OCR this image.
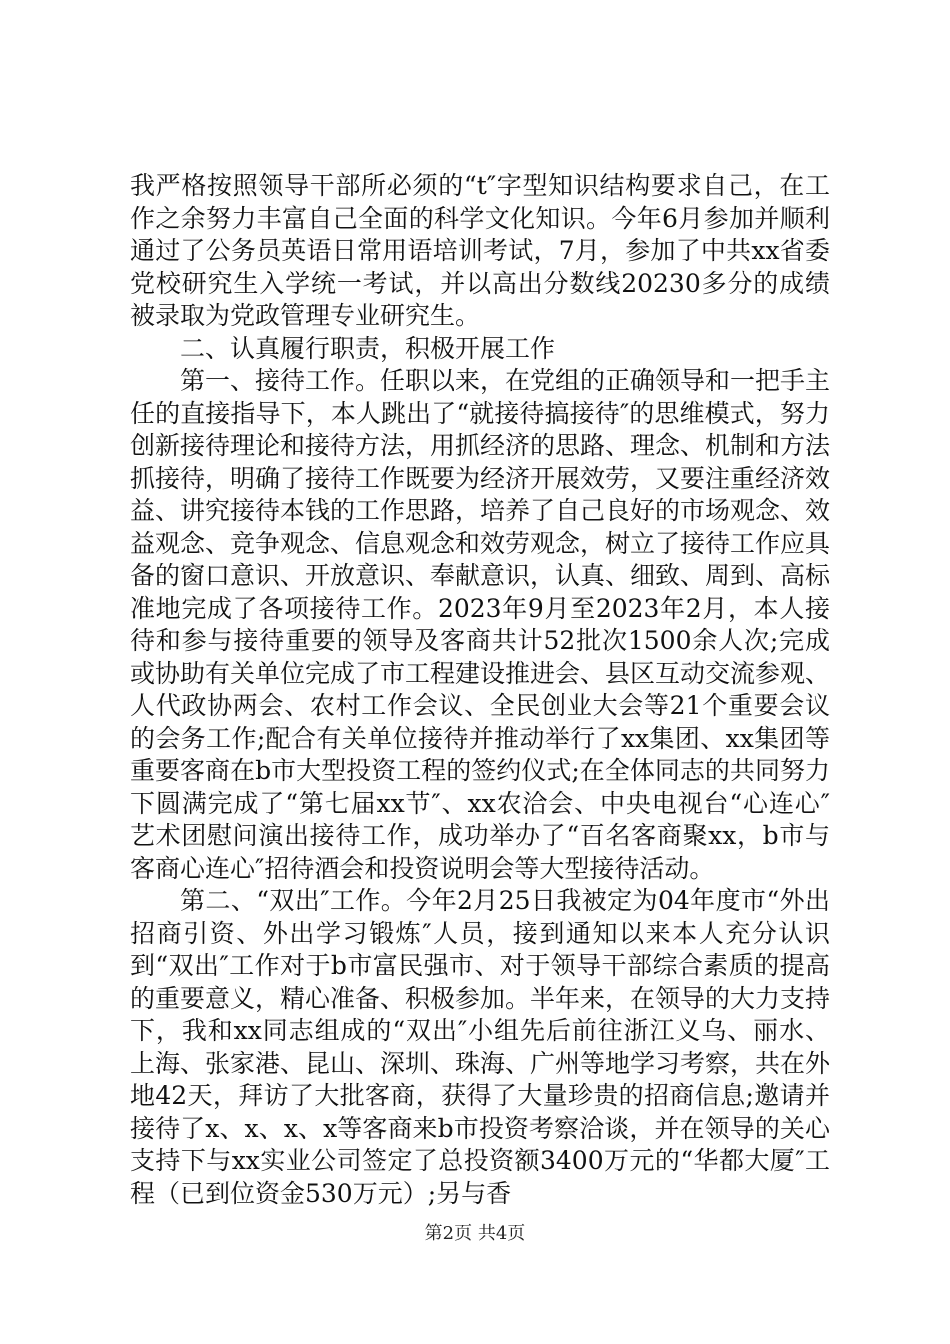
我严格按照领导干部所必须的“t″字型知识结构要求自己，在工作之余努力丰富自己全面的科学文化知识。今年6月参加并顺利通过了公务员英语日常用语培训考试，7月，参加了中共xx省委党校研究生入学统一考试，并以高出分数线20230多分的成绩被录取为党政管理专业研究生。

二、认真履行职责，积极开展工作

第一、接待工作。任职以来，在党组的正确领导和一把手主任的直接指导下，本人跳出了“就接待搞接待″的思维模式，努力创新接待理论和接待方法，用抓经济的思路、理念、机制和方法抓接待，明确了接待工作既要为经济开展效劳，又要注重经济效益、讲究接待本钱的工作思路，培养了自己良好的市场观念、效益观念、竞争观念、信息观念和效劳观念，树立了接待工作应具备的窗口意识、开放意识、奉献意识，认真、细致、周到、高标准地完成了各项接待工作。2023年9月至2023年2月，本人接待和参与接待重要的领导及客商共计52批次1500余人次;完成或协助有关单位完成了市工程建设推进会、县区互动交流参观、人代政协两会、农村工作会议、全民创业大会等21个重要会议的会务工作;配合有关单位接待并推动举行了xx集团、xx集团等重要客商在b市大型投资工程的签约仪式;在全体同志的共同努力下圆满完成了“第七届xx节″、xx农洽会、中央电视台“心连心″艺术团慰问演出接待工作，成功举办了“百名客商聚xx，b市与客商心连心″招待酒会和投资说明会等大型接待活动。

第二、“双出″工作。今年2月25日我被定为04年度市“外出招商引资、外出学习锻炼″人员，接到通知以来本人充分认识到“双出″工作对于b市富民强市、对于领导干部综合素质的提高的重要意义，精心准备、积极参加。半年来，在领导的大力支持下，我和xx同志组成的“双出″小组先后前往浙江义乌、丽水、上海、张家港、昆山、深圳、珠海、广州等地学习考察，共在外地42天，拜访了大批客商，获得了大量珍贵的招商信息;邀请并接待了x、x、x、x等客商来b市投资考察洽谈，并在领导的关心支持下与xx实业公司签定了总投资额3400万元的“华都大厦″工程（已到位资金530万元）;另与香

第2页 共4页
